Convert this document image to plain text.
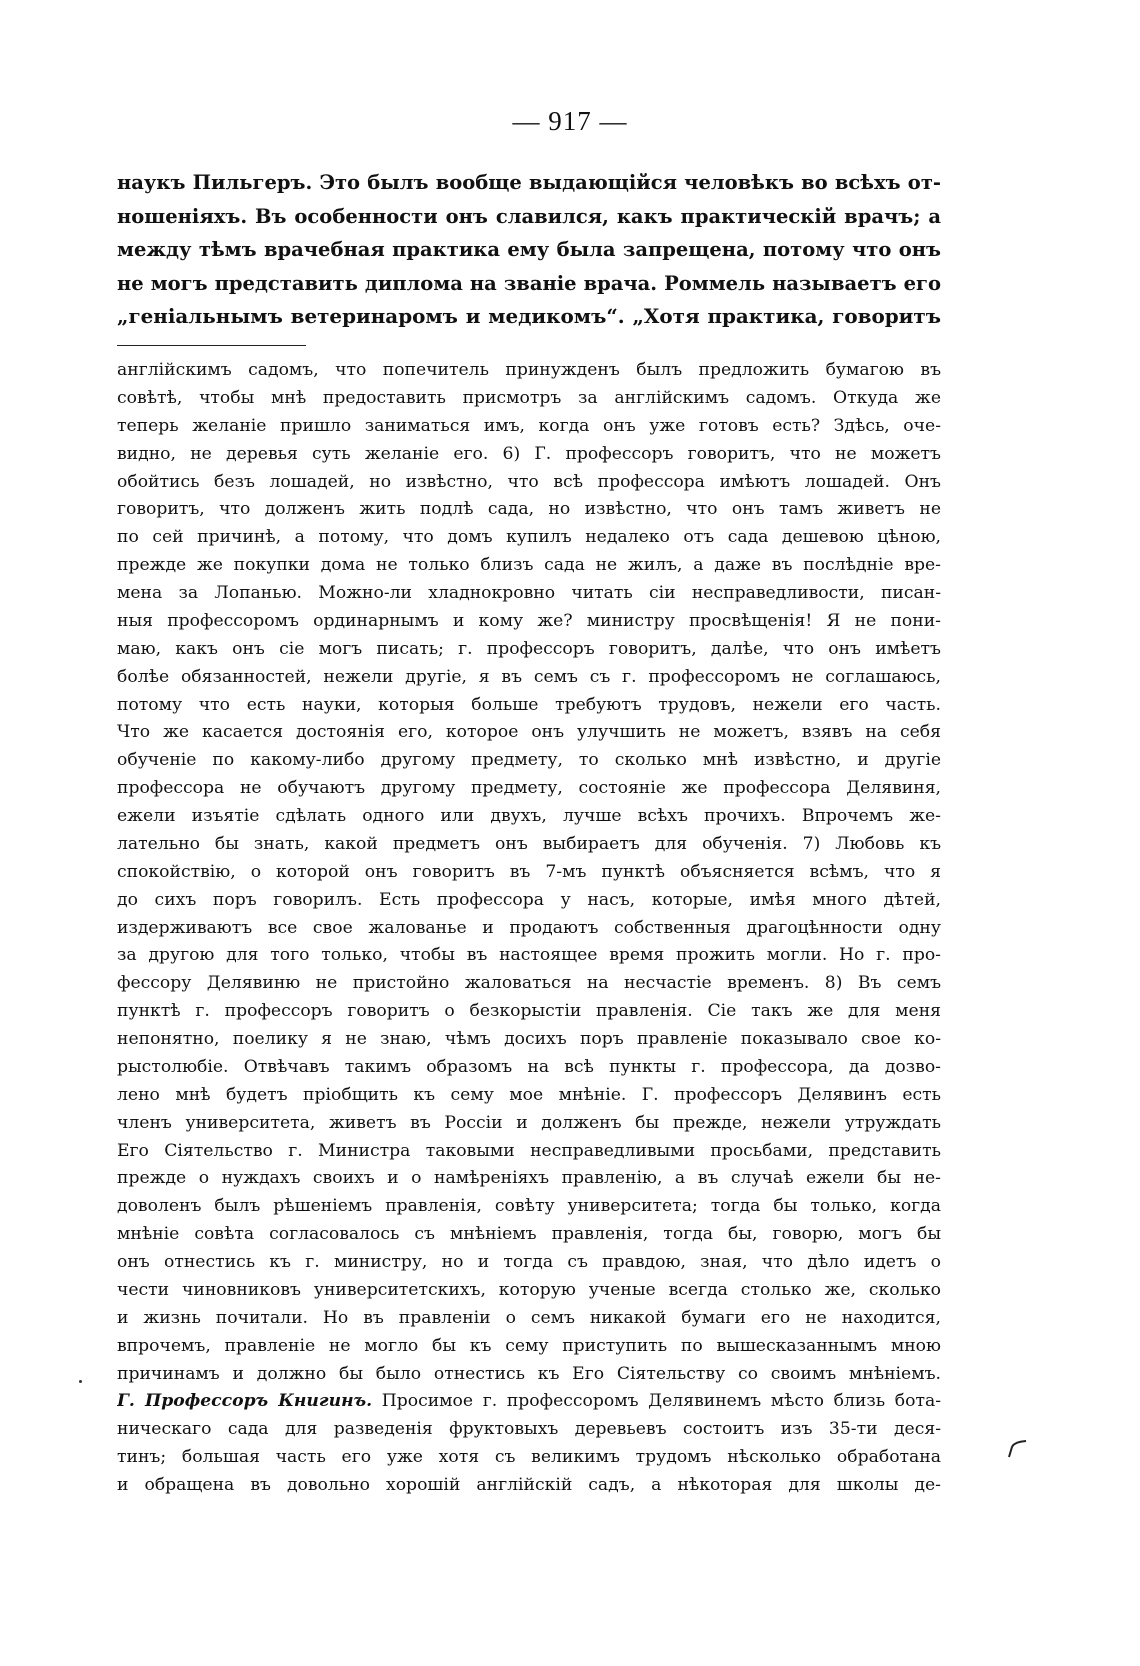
— 917 —
наукъ Пильгеръ. Это былъ вообще выдающійся человѣкъ во всѣхъ от-
ношеніяхъ. Въ особенности онъ славился, какъ практическій врачъ; а
между тѣмъ врачебная практика ему была запрещена, потому что онъ
не могъ представить диплома на званіе врача. Роммель называетъ его
„геніальнымъ ветеринаромъ и медикомъ“. „Хотя практика, говоритъ
англійскимъ садомъ, что попечитель принужденъ былъ предложить бумагою въ
совѣтѣ, чтобы мнѣ предоставить присмотръ за англійскимъ садомъ. Откуда же
теперь желаніе пришло заниматься имъ, когда онъ уже готовъ есть? Здѣсь, оче-
видно, не деревья суть желаніе его. 6) Г. профессоръ говоритъ, что не можетъ
обойтись безъ лошадей, но извѣстно, что всѣ профессора имѣютъ лошадей. Онъ
говоритъ, что долженъ жить подлѣ сада, но извѣстно, что онъ тамъ живетъ не
по сей причинѣ, а потому, что домъ купилъ недалеко отъ сада дешевою цѣною,
прежде же покупки дома не только близъ сада не жилъ, а даже въ послѣдніе вре-
мена за Лопанью. Можно-ли хладнокровно читать сіи несправедливости, писан-
ныя профессоромъ ординарнымъ и кому же? министру просвѣщенія! Я не пони-
маю, какъ онъ сіе могъ писать; г. профессоръ говоритъ, далѣе, что онъ имѣетъ
болѣе обязанностей, нежели другіе, я въ семъ съ г. профессоромъ не соглашаюсь,
потому что есть науки, которыя больше требуютъ трудовъ, нежели его часть.
Что же касается достоянія его, которое онъ улучшить не можетъ, взявъ на себя
обученіе по какому-либо другому предмету, то сколько мнѣ извѣстно, и другіе
профессора не обучаютъ другому предмету, состояніе же профессора Делявиня,
ежели изъятіе сдѣлать одного или двухъ, лучше всѣхъ прочихъ. Впрочемъ же-
лательно бы знать, какой предметъ онъ выбираетъ для обученія. 7) Любовь къ
спокойствію, о которой онъ говоритъ въ 7-мъ пунктѣ объясняется всѣмъ, что я
до сихъ поръ говорилъ. Есть профессора у насъ, которые, имѣя много дѣтей,
издерживаютъ все свое жалованье и продаютъ собственныя драгоцѣнности одну
за другою для того только, чтобы въ настоящее время прожить могли. Но г. про-
фессору Делявиню не пристойно жаловаться на несчастіе временъ. 8) Въ семъ
пунктѣ г. профессоръ говоритъ о безкорыстіи правленія. Сіе такъ же для меня
непонятно, поелику я не знаю, чѣмъ досихъ поръ правленіе показывало свое ко-
рыстолюбіе. Отвѣчавъ такимъ образомъ на всѣ пункты г. профессора, да дозво-
лено мнѣ будетъ пріобщить къ сему мое мнѣніе. Г. профессоръ Делявинъ есть
членъ университета, живетъ въ Россіи и долженъ бы прежде, нежели утруждать
Его Сіятельство г. Министра таковыми несправедливыми просьбами, представить
прежде о нуждахъ своихъ и о намѣреніяхъ правленію, а въ случаѣ ежели бы не-
доволенъ былъ рѣшеніемъ правленія, совѣту университета; тогда бы только, когда
мнѣніе совѣта согласовалось съ мнѣніемъ правленія, тогда бы, говорю, могъ бы
онъ отнестись къ г. министру, но и тогда съ правдою, зная, что дѣло идетъ о
чести чиновниковъ университетскихъ, которую ученые всегда столько же, сколько
и жизнь почитали. Но въ правленіи о семъ никакой бумаги его не находится,
впрочемъ, правленіе не могло бы къ сему приступить по вышесказаннымъ мною
причинамъ и должно бы было отнестись къ Его Сіятельству со своимъ мнѣніемъ.
Г. Профессоръ Книгинъ. Просимое г. профессоромъ Делявинемъ мѣсто близь бота-
ническаго сада для разведенія фруктовыхъ деревьевъ состоитъ изъ 35-ти деся-
тинъ; большая часть его уже хотя съ великимъ трудомъ нѣсколько обработана
и обращена въ довольно хорошій англійскій садъ, а нѣкоторая для школы де-
